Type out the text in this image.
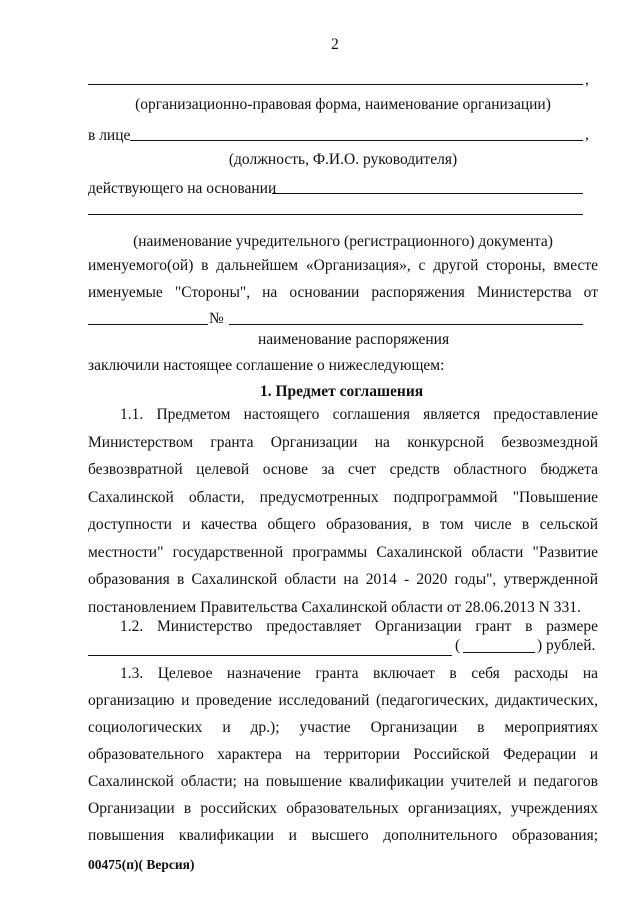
2
,
(организационно-правовая форма, наименование организации)
в лице	,
(должность, Ф.И.О. руководителя)
действующего на основании
(наименование учредительного (регистрационного) документа)
именуемого(ой) в дальнейшем «Организация», с другой стороны, вместе
именуемые "Стороны", на основании распоряжения Министерства от
№
наименование распоряжения
заключили настоящее соглашение о нижеследующем:
1. Предмет соглашения
1.1. Предметом настоящего соглашения является предоставление
Министерством гранта Организации на конкурсной безвозмездной
безвозвратной целевой основе за счет средств областного бюджета
Сахалинской области, предусмотренных подпрограммой "Повышение
доступности и качества общего образования, в том числе в сельской
местности" государственной программы Сахалинской области "Развитие
образования в Сахалинской области на 2014 - 2020 годы", утвержденной
постановлением Правительства Сахалинской области от 28.06.2013 N 331.
1.2. Министерство предоставляет Организации грант в размере
(	) рублей.
1.3. Целевое назначение гранта включает в себя расходы на
организацию и проведение исследований (педагогических, дидактических,
социологических и др.); участие Организации в мероприятиях
образовательного характера на территории Российской Федерации и
Сахалинской области; на повышение квалификации учителей и педагогов
Организации в российских образовательных организациях, учреждениях
повышения квалификации и высшего дополнительного образования;
00475(п)( Версия)
